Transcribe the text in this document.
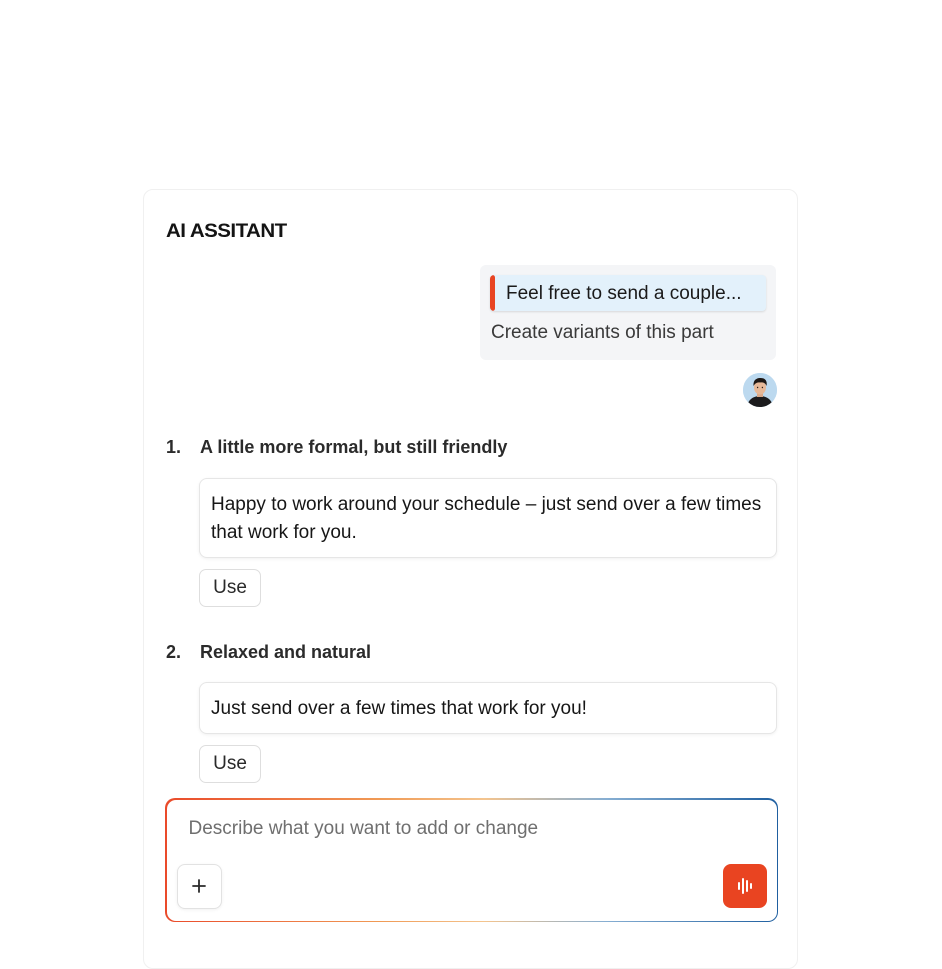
AI ASSITANT
Feel free to send a couple...
Create variants of this part
1. A little more formal, but still friendly
Happy to work around your schedule – just send over a few times that work for you.
Use
2. Relaxed and natural
Just send over a few times that work for you!
Use
Describe what you want to add or change
